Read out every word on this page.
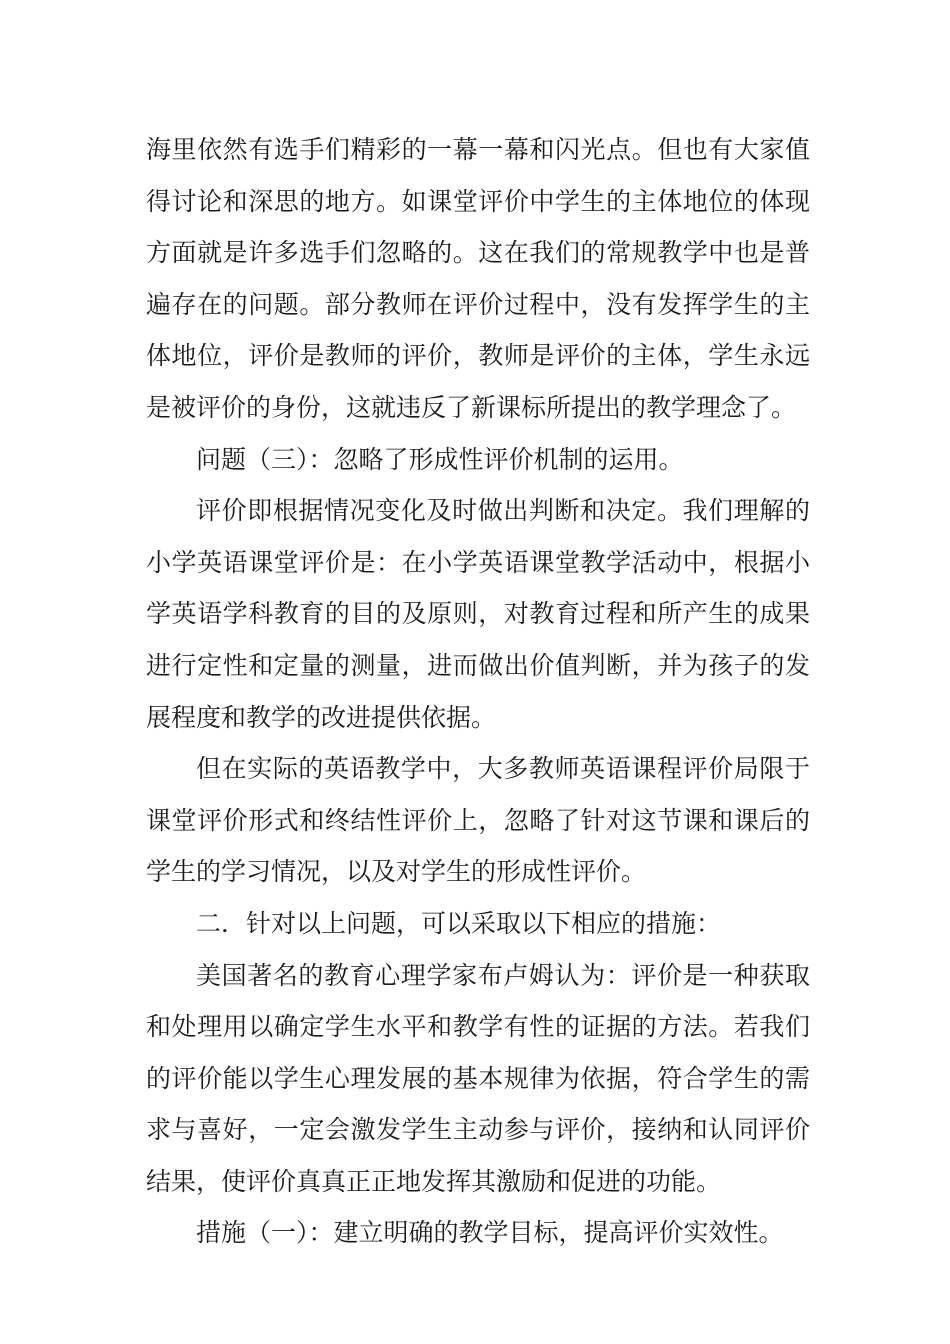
海里依然有选手们精彩的一幕一幕和闪光点。但也有大家值得讨论和深思的地方。如课堂评价中学生的主体地位的体现方面就是许多选手们忽略的。这在我们的常规教学中也是普遍存在的问题。部分教师在评价过程中，没有发挥学生的主体地位，评价是教师的评价，教师是评价的主体，学生永远是被评价的身份，这就违反了新课标所提出的教学理念了。

问题（三）：忽略了形成性评价机制的运用。

评价即根据情况变化及时做出判断和决定。我们理解的小学英语课堂评价是：在小学英语课堂教学活动中，根据小学英语学科教育的目的及原则，对教育过程和所产生的成果进行定性和定量的测量，进而做出价值判断，并为孩子的发展程度和教学的改进提供依据。

但在实际的英语教学中，大多教师英语课程评价局限于课堂评价形式和终结性评价上，忽略了针对这节课和课后的学生的学习情况，以及对学生的形成性评价。

二．针对以上问题，可以采取以下相应的措施：

美国著名的教育心理学家布卢姆认为：评价是一种获取和处理用以确定学生水平和教学有性的证据的方法。若我们的评价能以学生心理发展的基本规律为依据，符合学生的需求与喜好，一定会激发学生主动参与评价，接纳和认同评价结果，使评价真真正正地发挥其激励和促进的功能。

措施（一）：建立明确的教学目标，提高评价实效性。
